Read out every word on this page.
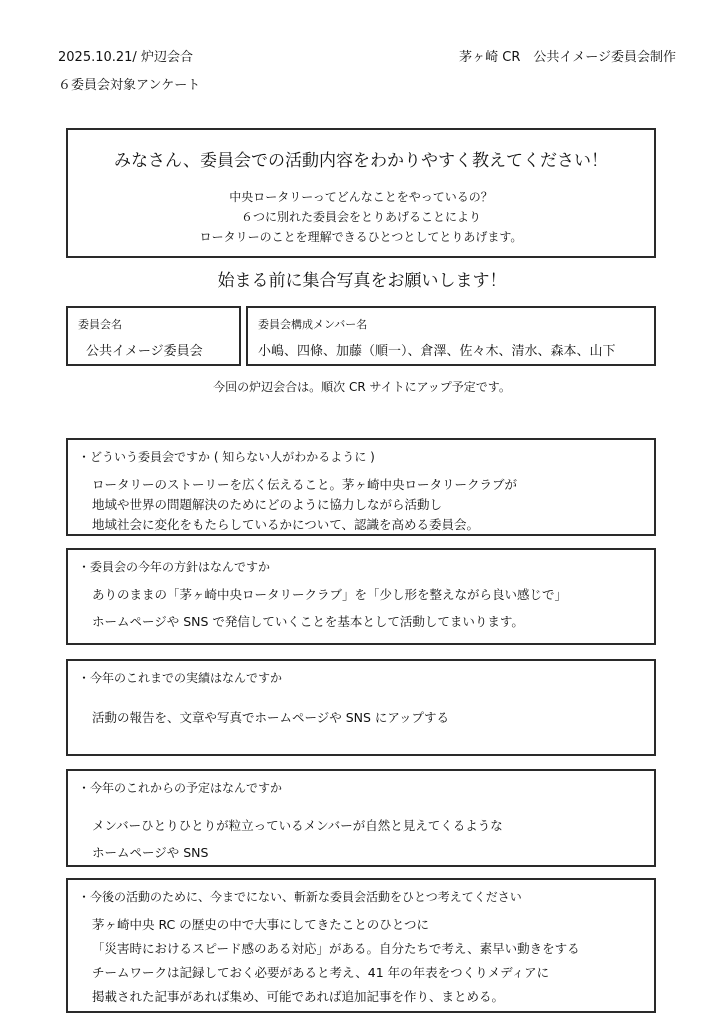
2025.10.21/ 炉辺会合
６委員会対象アンケート
茅ヶ崎 CR　公共イメージ委員会制作
みなさん、委員会での活動内容をわかりやすく教えてください！
中央ロータリーってどんなことをやっているの？
６つに別れた委員会をとりあげることにより
ロータリーのことを理解できるひとつとしてとりあげます。
始まる前に集合写真をお願いします！
委員会名
公共イメージ委員会
委員会構成メンバー名
小嶋、四條、加藤（順一）、倉澤、佐々木、清水、森本、山下
今回の炉辺会合は。順次 CR サイトにアップ予定です。
・どういう委員会ですか ( 知らない人がわかるように )
ロータリーのストーリーを広く伝えること。茅ヶ崎中央ロータリークラブが
地域や世界の問題解決のためにどのように協力しながら活動し
地域社会に変化をもたらしているかについて、認識を高める委員会。
・委員会の今年の方針はなんですか
ありのままの「茅ヶ崎中央ロータリークラブ」を「少し形を整えながら良い感じで」
ホームページや SNS で発信していくことを基本として活動してまいります。
・今年のこれまでの実績はなんですか
活動の報告を、文章や写真でホームページや SNS にアップする
・今年のこれからの予定はなんですか
メンバーひとりひとりが粒立っているメンバーが自然と見えてくるような
ホームページや SNS
・今後の活動のために、今までにない、斬新な委員会活動をひとつ考えてください
茅ヶ崎中央 RC の歴史の中で大事にしてきたことのひとつに
「災害時におけるスピード感のある対応」がある。自分たちで考え、素早い動きをする
チームワークは記録しておく必要があると考え、41 年の年表をつくりメディアに
掲載された記事があれば集め、可能であれば追加記事を作り、まとめる。
